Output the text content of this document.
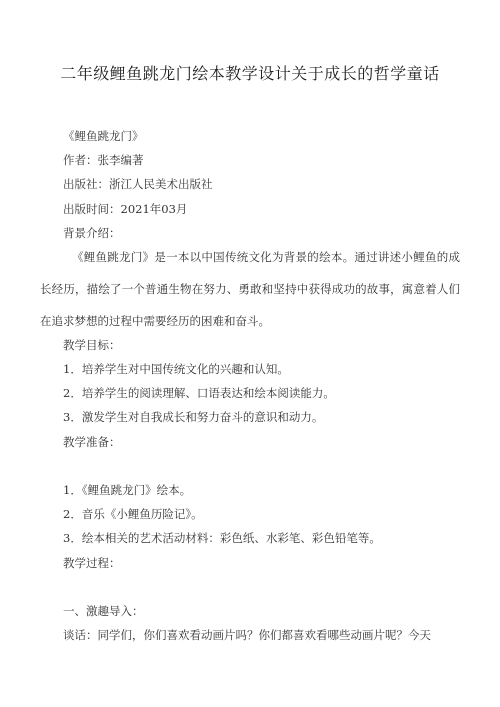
二年级鲤鱼跳龙门绘本教学设计关于成长的哲学童话
《鲤鱼跳龙门》
作者：张李编著
出版社：浙江人民美术出版社
出版时间：2021年03月
背景介绍：
《鲤鱼跳龙门》是一本以中国传统文化为背景的绘本。通过讲述小鲤鱼的成长经历，描绘了一个普通生物在努力、勇敢和坚持中获得成功的故事，寓意着人们在追求梦想的过程中需要经历的困难和奋斗。
教学目标：
1．培养学生对中国传统文化的兴趣和认知。
2．培养学生的阅读理解、口语表达和绘本阅读能力。
3．激发学生对自我成长和努力奋斗的意识和动力。
教学准备：
1．《鲤鱼跳龙门》绘本。
2．音乐《小鲤鱼历险记》。
3．绘本相关的艺术活动材料：彩色纸、水彩笔、彩色铅笔等。
教学过程：
一、激趣导入：
谈话：同学们，你们喜欢看动画片吗？你们都喜欢看哪些动画片呢？今天
